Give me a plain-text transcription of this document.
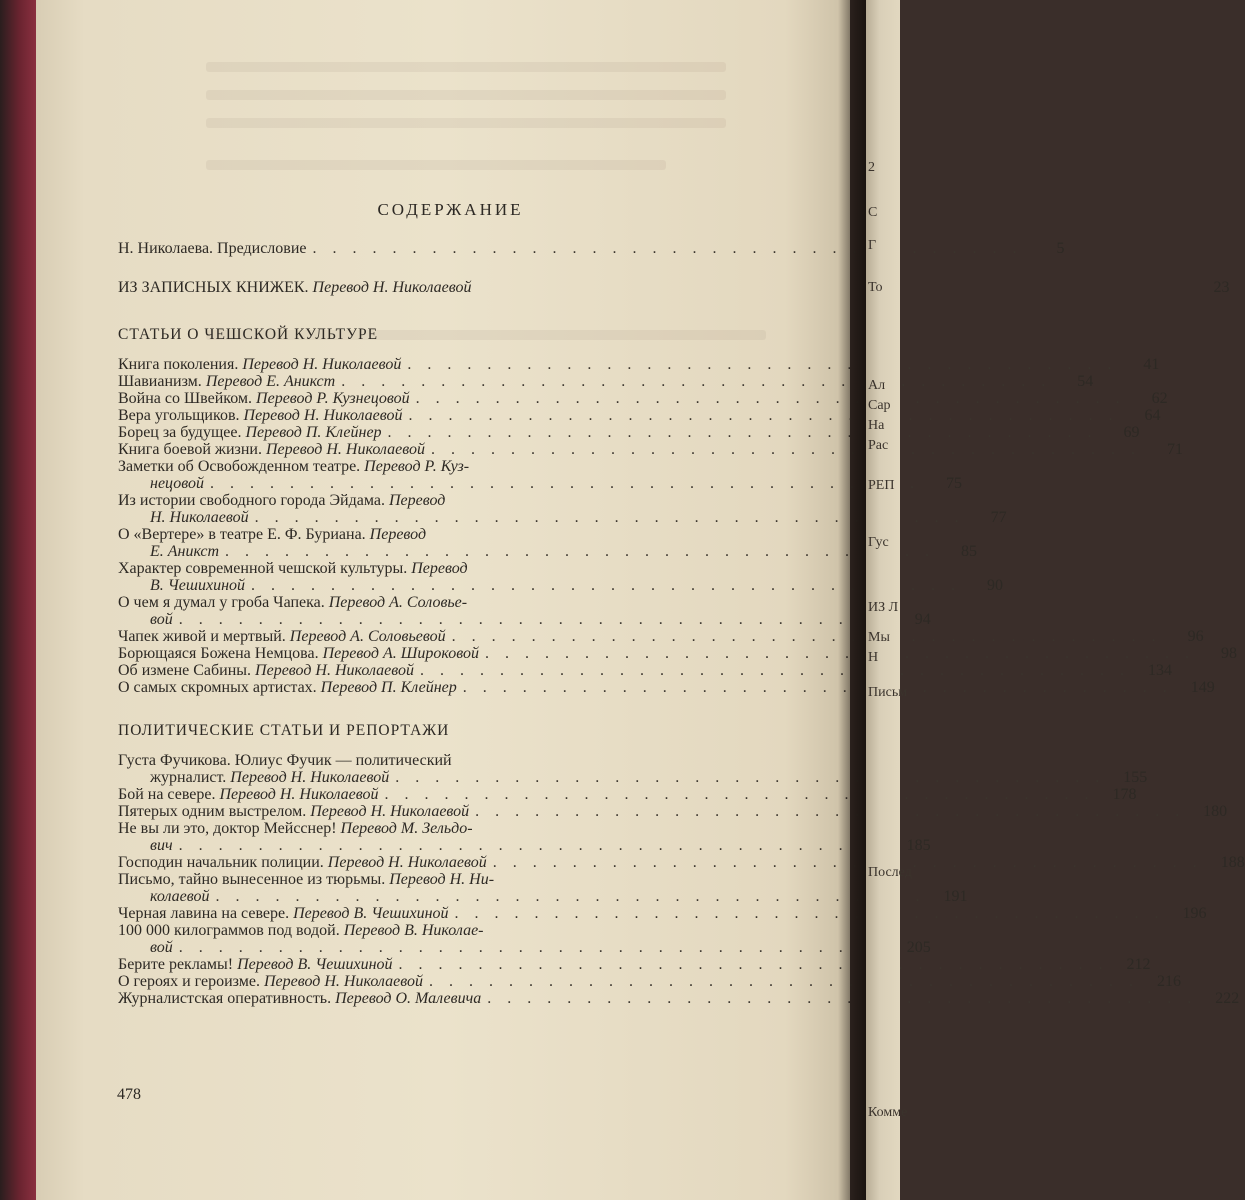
СОДЕРЖАНИЕ
Н. Николаева. Предисловие . . .	5
ИЗ ЗАПИСНЫХ КНИЖЕК. Перевод Н. Николаевой	23
СТАТЬИ О ЧЕШСКОЙ КУЛЬТУРЕ
Книга поколения. Перевод Н. Николаевой . . .	41
Шавианизм. Перевод Е. Аникст . . .	54
Война со Швейком. Перевод Р. Кузнецовой . . .	62
Вера угольщиков. Перевод Н. Николаевой . . .	64
Борец за будущее. Перевод П. Клейнер . . .	69
Книга боевой жизни. Перевод Н. Николаевой . . .	71
Заметки об Освобожденном театре. Перевод Р. Куз-
нецовой . . .	75
Из истории свободного города Эйдама. Перевод
Н. Николаевой . . .	77
О «Вертере» в театре Е. Ф. Буриана. Перевод
Е. Аникст . . .	85
Характер современной чешской культуры. Перевод
В. Чешихиной . . .	90
О чем я думал у гроба Чапека. Перевод А. Соловье-
вой . . .	94
Чапек живой и мертвый. Перевод А. Соловьевой . . .	96
Борющаяся Божена Немцова. Перевод А. Широковой . . .	98
Об измене Сабины. Перевод Н. Николаевой . . .	134
О самых скромных артистах. Перевод П. Клейнер . . .	149
ПОЛИТИЧЕСКИЕ СТАТЬИ И РЕПОРТАЖИ
Густа Фучикова. Юлиус Фучик — политический
журналист. Перевод Н. Николаевой . . .	155
Бой на севере. Перевод Н. Николаевой . . .	178
Пятерых одним выстрелом. Перевод Н. Николаевой . . .	180
Не вы ли это, доктор Мейсснер! Перевод М. Зельдо-
вич . . .	185
Господин начальник полиции. Перевод Н. Николаевой . . .	188
Письмо, тайно вынесенное из тюрьмы. Перевод Н. Ни-
колаевой . . .	191
Черная лавина на севере. Перевод В. Чешихиной . . .	196
100 000 килограммов под водой. Перевод В. Николае-
вой . . .	205
Берите рекламы! Перевод В. Чешихиной . . .	212
О героях и героизме. Перевод Н. Николаевой . . .	216
Журналистская оперативность. Перевод О. Малевича . . .	222
478
2
С
Г
То
Ал
Сар
На
Рас
РЕП
Гус
ИЗ Л
Мы
Н
Письм
Послед
Комме
